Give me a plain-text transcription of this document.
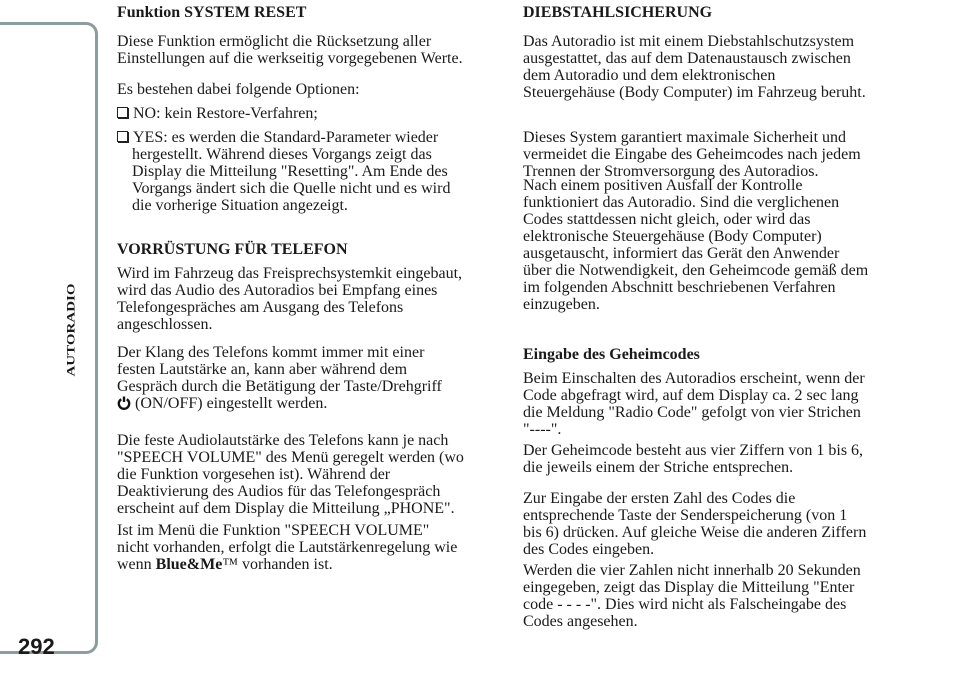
AUTORADIO
292
Funktion SYSTEM RESET
Diese Funktion ermöglicht die Rücksetzung aller
Einstellungen auf die werkseitig vorgegebenen Werte.
Es bestehen dabei folgende Optionen:
NO: kein Restore-Verfahren;
YES: es werden die Standard-Parameter wieder
hergestellt. Während dieses Vorgangs zeigt das
Display die Mitteilung "Resetting". Am Ende des
Vorgangs ändert sich die Quelle nicht und es wird
die vorherige Situation angezeigt.
VORRÜSTUNG FÜR TELEFON
Wird im Fahrzeug das Freisprechsystemkit eingebaut,
wird das Audio des Autoradios bei Empfang eines
Telefongespräches am Ausgang des Telefons
angeschlossen.
Der Klang des Telefons kommt immer mit einer
festen Lautstärke an, kann aber während dem
Gespräch durch die Betätigung der Taste/Drehgriff
(ON/OFF) eingestellt werden.
Die feste Audiolautstärke des Telefons kann je nach
"SPEECH VOLUME" des Menü geregelt werden (wo
die Funktion vorgesehen ist). Während der
Deaktivierung des Audios für das Telefongespräch
erscheint auf dem Display die Mitteilung „PHONE".
Ist im Menü die Funktion "SPEECH VOLUME"
nicht vorhanden, erfolgt die Lautstärkenregelung wie
wenn Blue&Me™ vorhanden ist.
DIEBSTAHLSICHERUNG
Das Autoradio ist mit einem Diebstahlschutzsystem
ausgestattet, das auf dem Datenaustausch zwischen
dem Autoradio und dem elektronischen
Steuergehäuse (Body Computer) im Fahrzeug beruht.
Dieses System garantiert maximale Sicherheit und
vermeidet die Eingabe des Geheimcodes nach jedem
Trennen der Stromversorgung des Autoradios.
Nach einem positiven Ausfall der Kontrolle
funktioniert das Autoradio. Sind die verglichenen
Codes stattdessen nicht gleich, oder wird das
elektronische Steuergehäuse (Body Computer)
ausgetauscht, informiert das Gerät den Anwender
über die Notwendigkeit, den Geheimcode gemäß dem
im folgenden Abschnitt beschriebenen Verfahren
einzugeben.
Eingabe des Geheimcodes
Beim Einschalten des Autoradios erscheint, wenn der
Code abgefragt wird, auf dem Display ca. 2 sec lang
die Meldung "Radio Code" gefolgt von vier Strichen
"----".
Der Geheimcode besteht aus vier Ziffern von 1 bis 6,
die jeweils einem der Striche entsprechen.
Zur Eingabe der ersten Zahl des Codes die
entsprechende Taste der Senderspeicherung (von 1
bis 6) drücken. Auf gleiche Weise die anderen Ziffern
des Codes eingeben.
Werden die vier Zahlen nicht innerhalb 20 Sekunden
eingegeben, zeigt das Display die Mitteilung "Enter
code - - - -". Dies wird nicht als Falscheingabe des
Codes angesehen.
